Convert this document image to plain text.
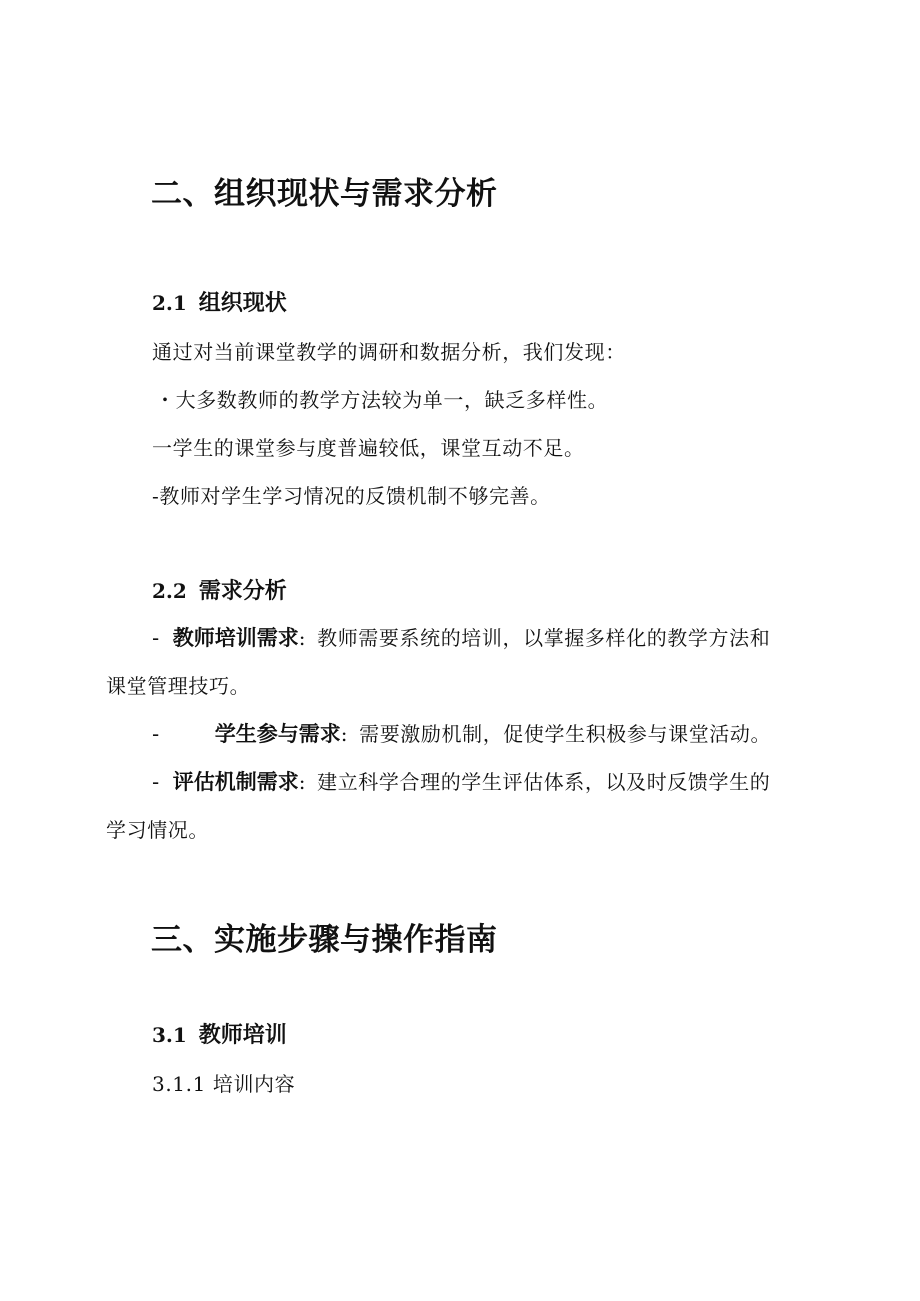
二、组织现状与需求分析
2.1 组织现状

通过对当前课堂教学的调研和数据分析，我们发现：

・大多数教师的教学方法较为单一，缺乏多样性。

一学生的课堂参与度普遍较低，课堂互动不足。

-教师对学生学习情况的反馈机制不够完善。

2.2 需求分析
- 教师培训需求: 教师需要系统的培训，以掌握多样化的教学方法和

课堂管理技巧。

-	学生参与需求: 需要激励机制，促使学生积极参与课堂活动。
- 评估机制需求: 建立科学合理的学生评估体系，以及时反馈学生的

学习情况。

三、实施步骤与操作指南
3.1 教师培训

3.1.1 培训内容
